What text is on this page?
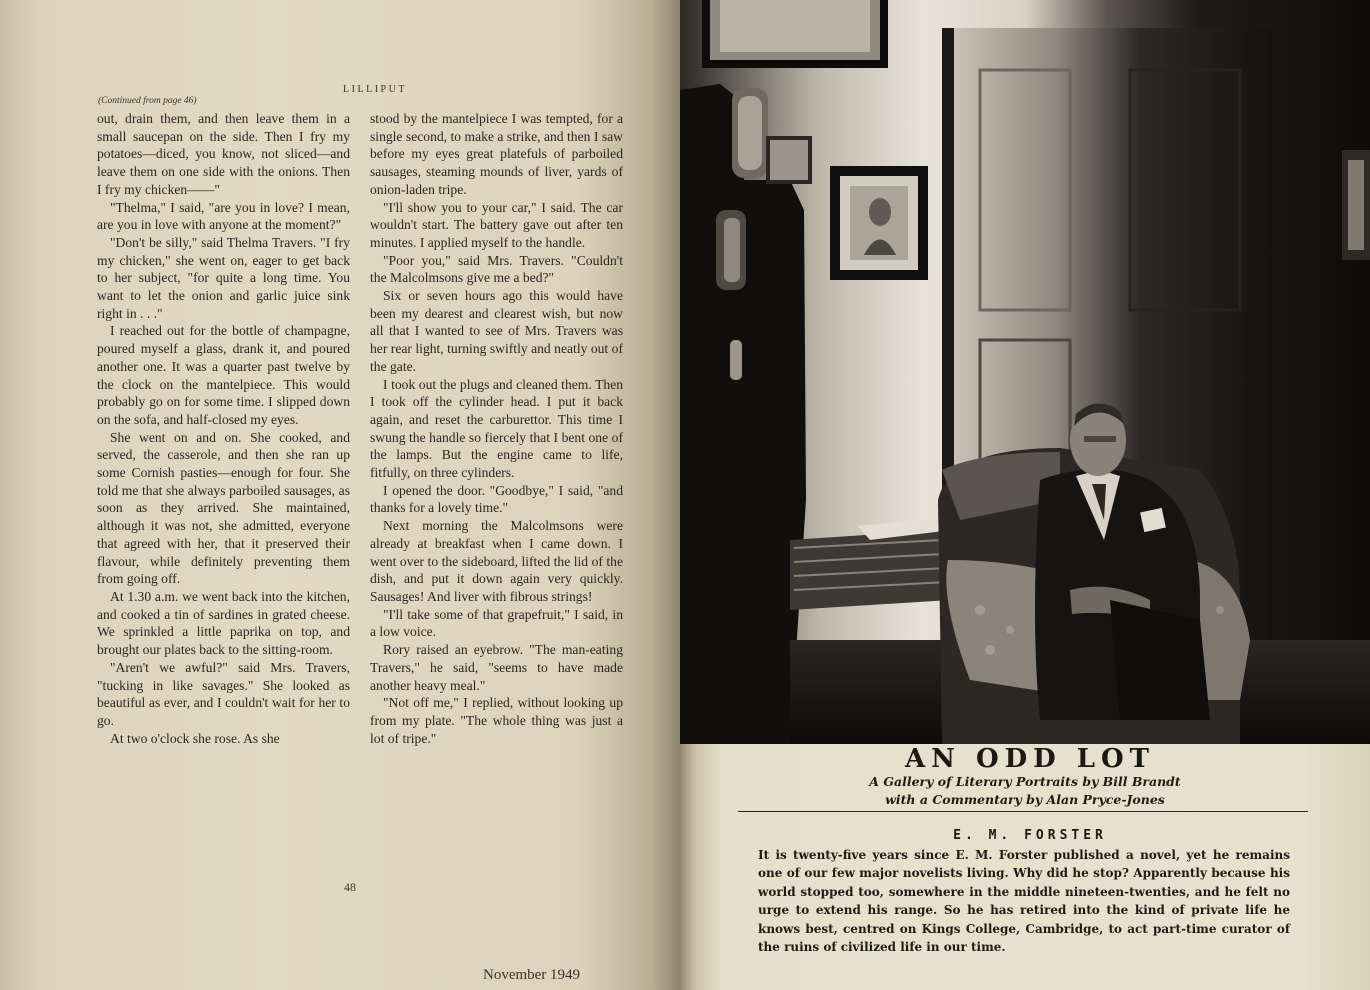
LILLIPUT
(Continued from page 46)

out, drain them, and then leave them in a small saucepan on the side. Then I fry my potatoes—diced, you know, not sliced—and leave them on one side with the onions. Then I fry my chicken——"

"Thelma," I said, "are you in love? I mean, are you in love with anyone at the moment?"

"Don't be silly," said Thelma Travers. "I fry my chicken," she went on, eager to get back to her subject, "for quite a long time. You want to let the onion and garlic juice sink right in . . ."

I reached out for the bottle of champagne, poured myself a glass, drank it, and poured another one. It was a quarter past twelve by the clock on the mantelpiece. This would probably go on for some time. I slipped down on the sofa, and half-closed my eyes.

She went on and on. She cooked, and served, the casserole, and then she ran up some Cornish pasties—enough for four. She told me that she always parboiled sausages, as soon as they arrived. She maintained, although it was not, she admitted, everyone that agreed with her, that it preserved their flavour, while definitely preventing them from going off.

At 1.30 a.m. we went back into the kitchen, and cooked a tin of sardines in grated cheese. We sprinkled a little paprika on top, and brought our plates back to the sitting-room.

"Aren't we awful?" said Mrs. Travers, "tucking in like savages." She looked as beautiful as ever, and I couldn't wait for her to go.

At two o'clock she rose. As she

stood by the mantelpiece I was tempted, for a single second, to make a strike, and then I saw before my eyes great platefuls of parboiled sausages, steaming mounds of liver, yards of onion-laden tripe.

"I'll show you to your car," I said. The car wouldn't start. The battery gave out after ten minutes. I applied myself to the handle.

"Poor you," said Mrs. Travers. "Couldn't the Malcolmsons give me a bed?"

Six or seven hours ago this would have been my dearest and clearest wish, but now all that I wanted to see of Mrs. Travers was her rear light, turning swiftly and neatly out of the gate.

I took out the plugs and cleaned them. Then I took off the cylinder head. I put it back again, and reset the carburettor. This time I swung the handle so fiercely that I bent one of the lamps. But the engine came to life, fitfully, on three cylinders.

I opened the door. "Goodbye," I said, "and thanks for a lovely time."

Next morning the Malcolmsons were already at breakfast when I came down. I went over to the sideboard, lifted the lid of the dish, and put it down again very quickly. Sausages! And liver with fibrous strings!

"I'll take some of that grapefruit," I said, in a low voice.

Rory raised an eyebrow. "The man-eating Travers," he said, "seems to have made another heavy meal."

"Not off me," I replied, without looking up from my plate. "The whole thing was just a lot of tripe."

48
November 1949
AN ODD LOT
A Gallery of Literary Portraits by Bill Brandt
with a Commentary by Alan Pryce-Jones
E. M. FORSTER
It is twenty-five years since E. M. Forster published a novel, yet he remains one of our few major novelists living. Why did he stop? Apparently because his world stopped too, somewhere in the middle nineteen-twenties, and he felt no urge to extend his range. So he has retired into the kind of private life he knows best, centred on Kings College, Cambridge, to act part-time curator of the ruins of civilized life in our time.
